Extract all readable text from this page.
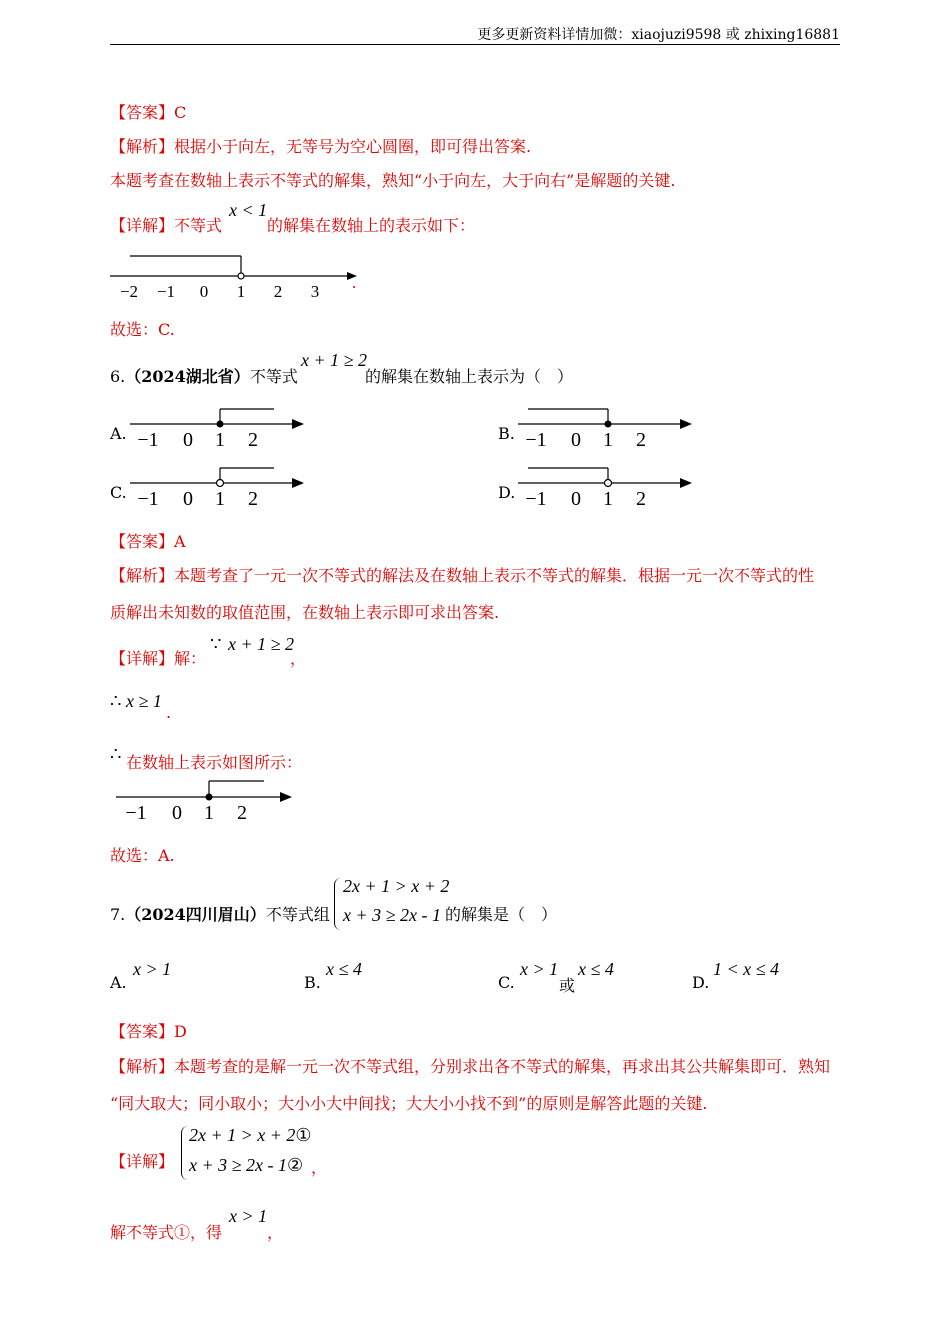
更多更新资料详情加微：xiaojuzi9598 或 zhixing16881
【答案】C
【解析】根据小于向左，无等号为空心圆圈，即可得出答案.
本题考查在数轴上表示不等式的解集，熟知“小于向左，大于向右”是解题的关键.
【详解】不等式
x < 1
的解集在数轴上的表示如下：
−2 −1 0 1 2 3 .
故选：C.
6.（2024湖北省）不等式
x + 1 ≥ 2
的解集在数轴上表示为（　）
A. −1 0 1 2	B. −1 0 1 2
C. −1 0 1 2	D. −1 0 1 2
【答案】A
【解析】本题考查了一元一次不等式的解法及在数轴上表示不等式的解集．根据一元一次不等式的性
质解出未知数的取值范围，在数轴上表示即可求出答案.
【详解】解：
∵ x + 1 ≥ 2
，
∴ x ≥ 1
.
∴ 在数轴上表示如图所示：
−1 0 1 2
故选：A.
7.（2024四川眉山）不等式组
2x + 1 > x + 2
x + 3 ≥ 2x - 1 的解集是（　）
A.
x > 1
B.
x ≤ 4
C.
x > 1
或
x ≤ 4
D.
1 < x ≤ 4
【答案】D
【解析】本题考查的是解一元一次不等式组，分别求出各不等式的解集，再求出其公共解集即可．熟知
“同大取大；同小取小；大小小大中间找；大大小小找不到”的原则是解答此题的关键.
【详解】
2x + 1 > x + 2①
x + 3 ≥ 2x - 1② ，
解不等式①，得
x > 1
，
